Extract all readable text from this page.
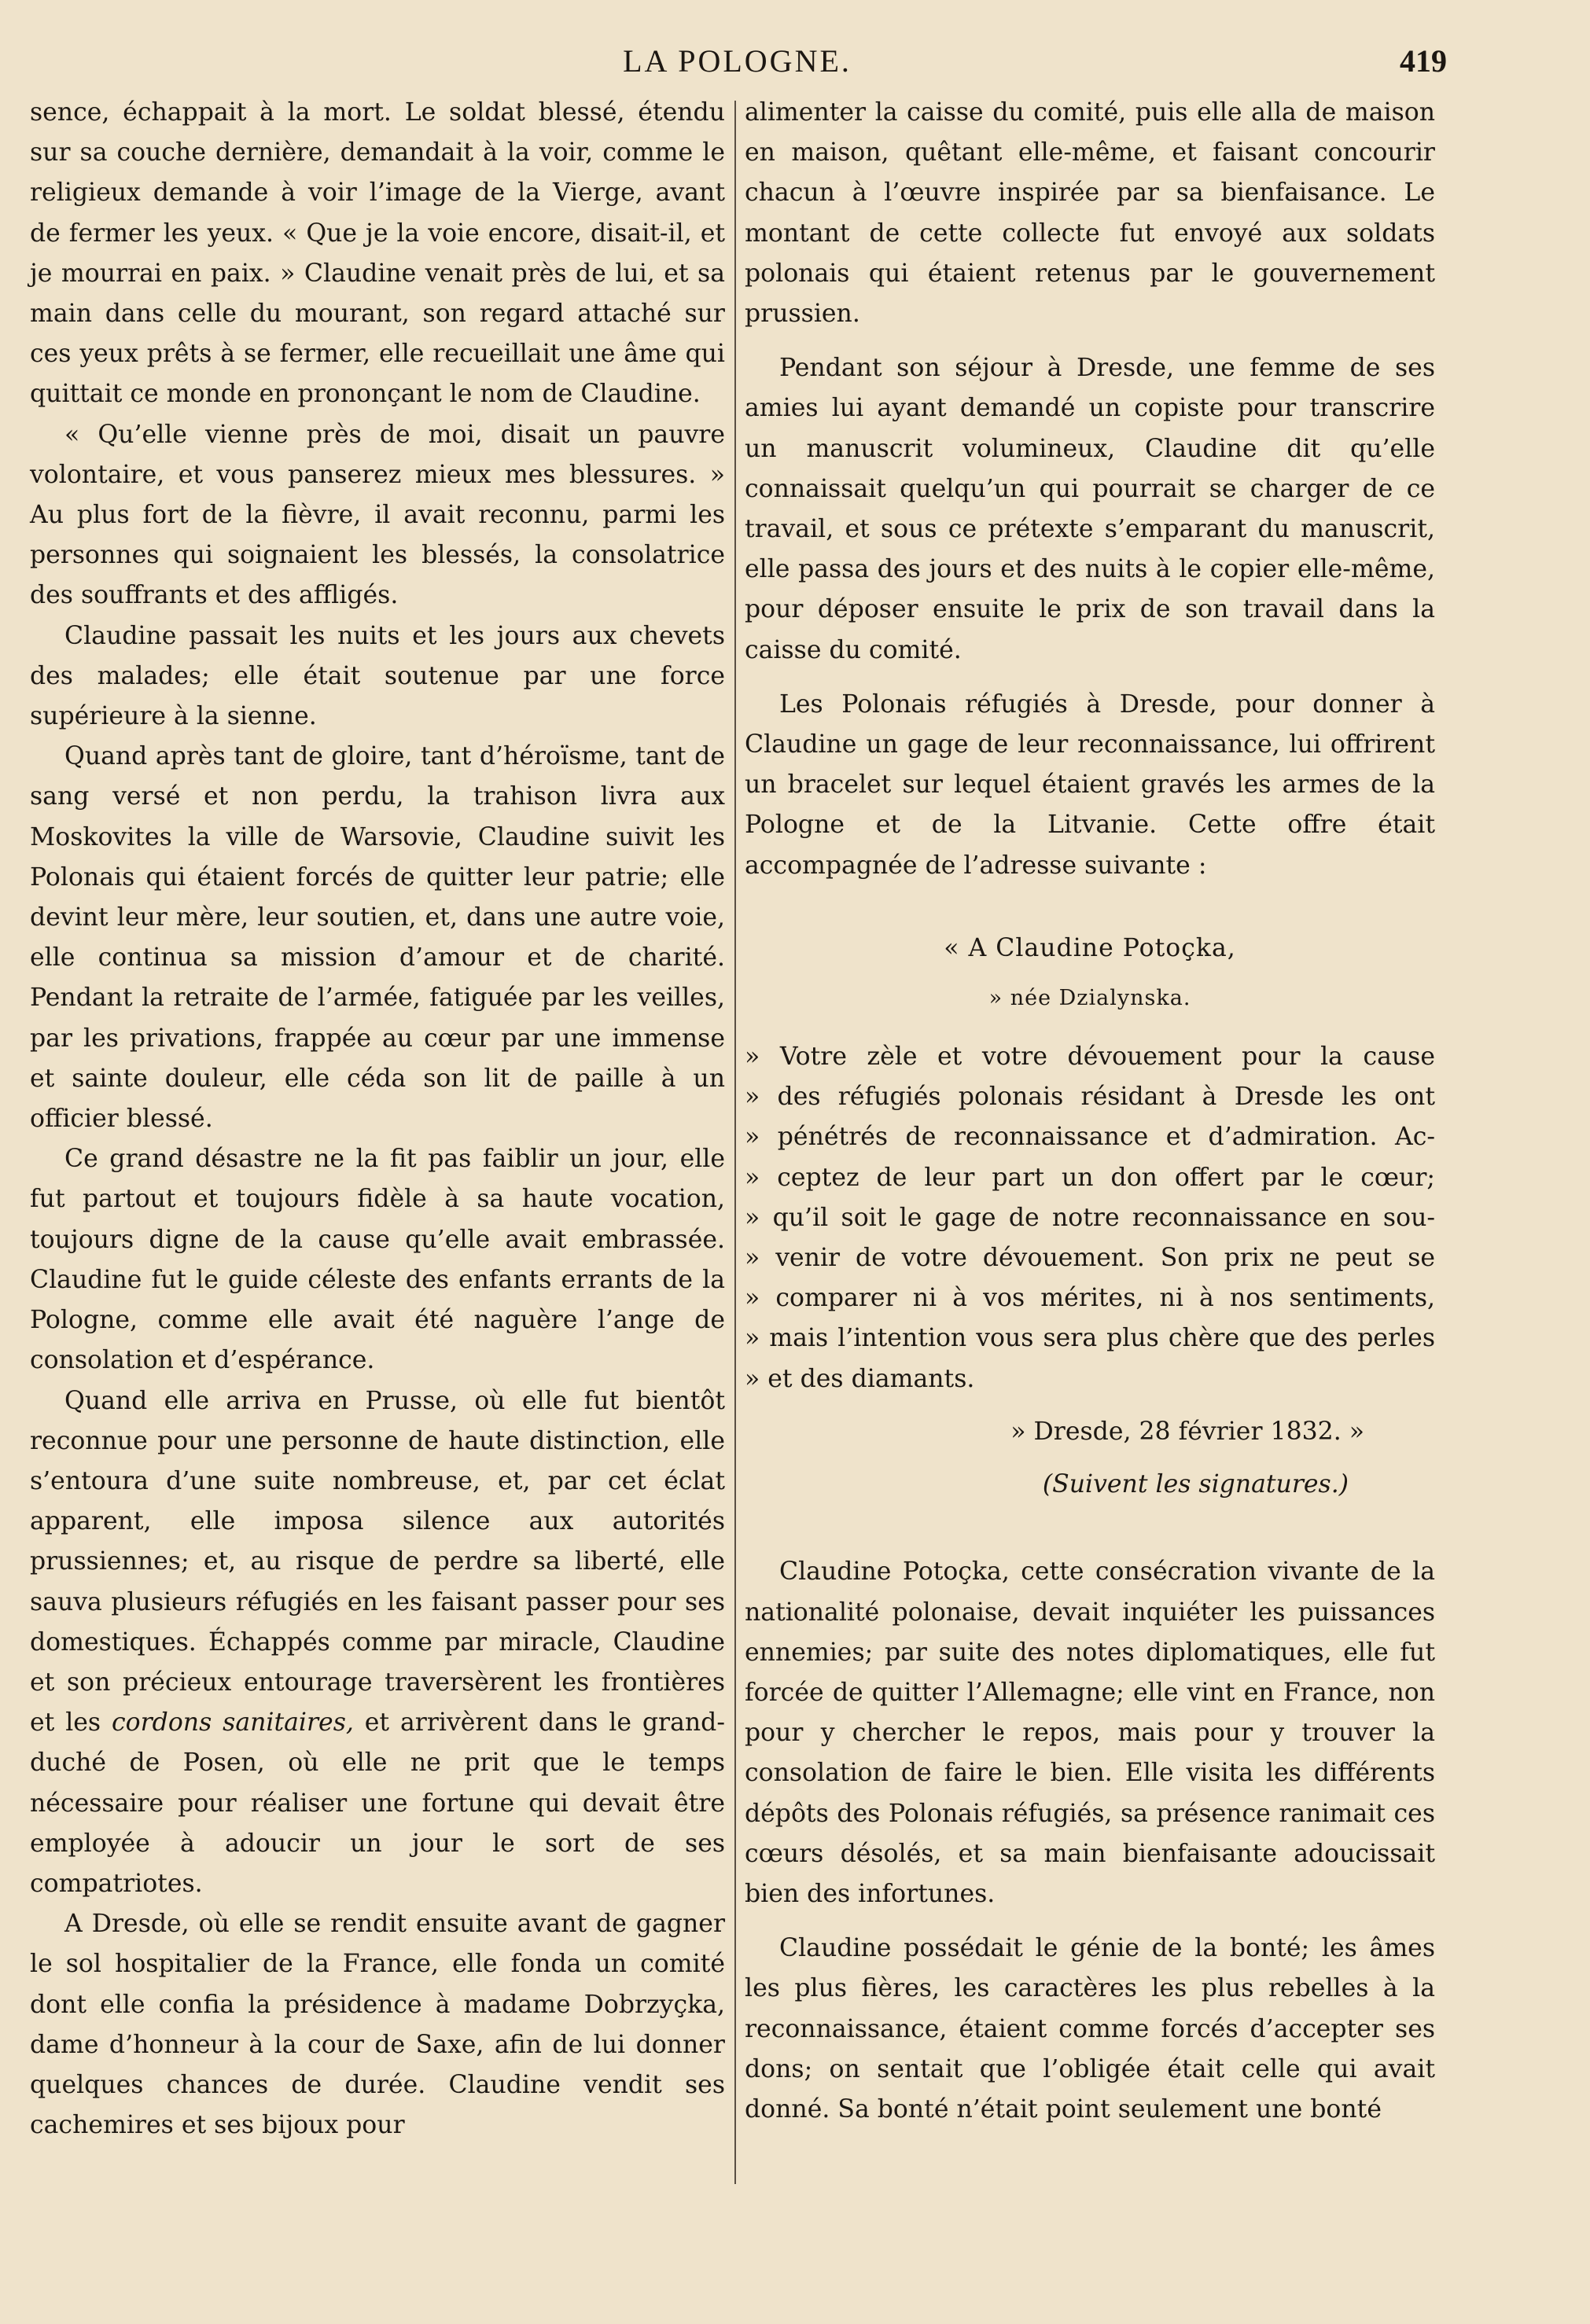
LA POLOGNE.	419

sence, échappait à la mort. Le soldat blessé, étendu sur sa couche dernière, demandait à la voir, comme le religieux demande à voir l’image de la Vierge, avant de fermer les yeux. « Que je la voie encore, disait-il, et je mourrai en paix. » Claudine venait près de lui, et sa main dans celle du mourant, son regard attaché sur ces yeux prêts à se fermer, elle recueillait une âme qui quittait ce monde en prononçant le nom de Claudine.

« Qu’elle vienne près de moi, disait un pauvre volontaire, et vous panserez mieux mes blessures. » Au plus fort de la fièvre, il avait reconnu, parmi les personnes qui soignaient les blessés, la consolatrice des souffrants et des affligés.

Claudine passait les nuits et les jours aux chevets des malades; elle était soutenue par une force supérieure à la sienne.

Quand après tant de gloire, tant d’héroïsme, tant de sang versé et non perdu, la trahison livra aux Moskovites la ville de Warsovie, Claudine suivit les Polonais qui étaient forcés de quitter leur patrie; elle devint leur mère, leur soutien, et, dans une autre voie, elle continua sa mission d’amour et de charité. Pendant la retraite de l’armée, fatiguée par les veilles, par les privations, frappée au cœur par une immense et sainte douleur, elle céda son lit de paille à un officier blessé.

Ce grand désastre ne la fit pas faiblir un jour, elle fut partout et toujours fidèle à sa haute vocation, toujours digne de la cause qu’elle avait embrassée. Claudine fut le guide céleste des enfants errants de la Pologne, comme elle avait été naguère l’ange de consolation et d’espérance.

Quand elle arriva en Prusse, où elle fut bientôt reconnue pour une personne de haute distinction, elle s’entoura d’une suite nombreuse, et, par cet éclat apparent, elle imposa silence aux autorités prussiennes; et, au risque de perdre sa liberté, elle sauva plusieurs réfugiés en les faisant passer pour ses domestiques. Échappés comme par miracle, Claudine et son précieux entourage traversèrent les frontières et les cordons sanitaires, et arrivèrent dans le grand-duché de Posen, où elle ne prit que le temps nécessaire pour réaliser une fortune qui devait être employée à adoucir un jour le sort de ses compatriotes.

A Dresde, où elle se rendit ensuite avant de gagner le sol hospitalier de la France, elle fonda un comité dont elle confia la présidence à madame Dobrzyçka, dame d’honneur à la cour de Saxe, afin de lui donner quelques chances de durée. Claudine vendit ses cachemires et ses bijoux pour

alimenter la caisse du comité, puis elle alla de maison en maison, quêtant elle-même, et faisant concourir chacun à l’œuvre inspirée par sa bienfaisance. Le montant de cette collecte fut envoyé aux soldats polonais qui étaient retenus par le gouvernement prussien.

Pendant son séjour à Dresde, une femme de ses amies lui ayant demandé un copiste pour transcrire un manuscrit volumineux, Claudine dit qu’elle connaissait quelqu’un qui pourrait se charger de ce travail, et sous ce prétexte s’emparant du manuscrit, elle passa des jours et des nuits à le copier elle-même, pour déposer ensuite le prix de son travail dans la caisse du comité.

Les Polonais réfugiés à Dresde, pour donner à Claudine un gage de leur reconnaissance, lui offrirent un bracelet sur lequel étaient gravés les armes de la Pologne et de la Litvanie. Cette offre était accompagnée de l’adresse suivante :

« A Claudine Potoçka,
» née Dzialynska.
» Votre zèle et votre dévouement pour la cause
» des réfugiés polonais résidant à Dresde les ont
» pénétrés de reconnaissance et d’admiration. Ac-
» ceptez de leur part un don offert par le cœur;
» qu’il soit le gage de notre reconnaissance en sou-
» venir de votre dévouement. Son prix ne peut se
» comparer ni à vos mérites, ni à nos sentiments,
» mais l’intention vous sera plus chère que des perles
» et des diamants.
» Dresde, 28 février 1832. »
(Suivent les signatures.)

Claudine Potoçka, cette consécration vivante de la nationalité polonaise, devait inquiéter les puissances ennemies; par suite des notes diplomatiques, elle fut forcée de quitter l’Allemagne; elle vint en France, non pour y chercher le repos, mais pour y trouver la consolation de faire le bien. Elle visita les différents dépôts des Polonais réfugiés, sa présence ranimait ces cœurs désolés, et sa main bienfaisante adoucissait bien des infortunes.

Claudine possédait le génie de la bonté; les âmes les plus fières, les caractères les plus rebelles à la reconnaissance, étaient comme forcés d’accepter ses dons; on sentait que l’obligée était celle qui avait donné. Sa bonté n’était point seulement une bonté
